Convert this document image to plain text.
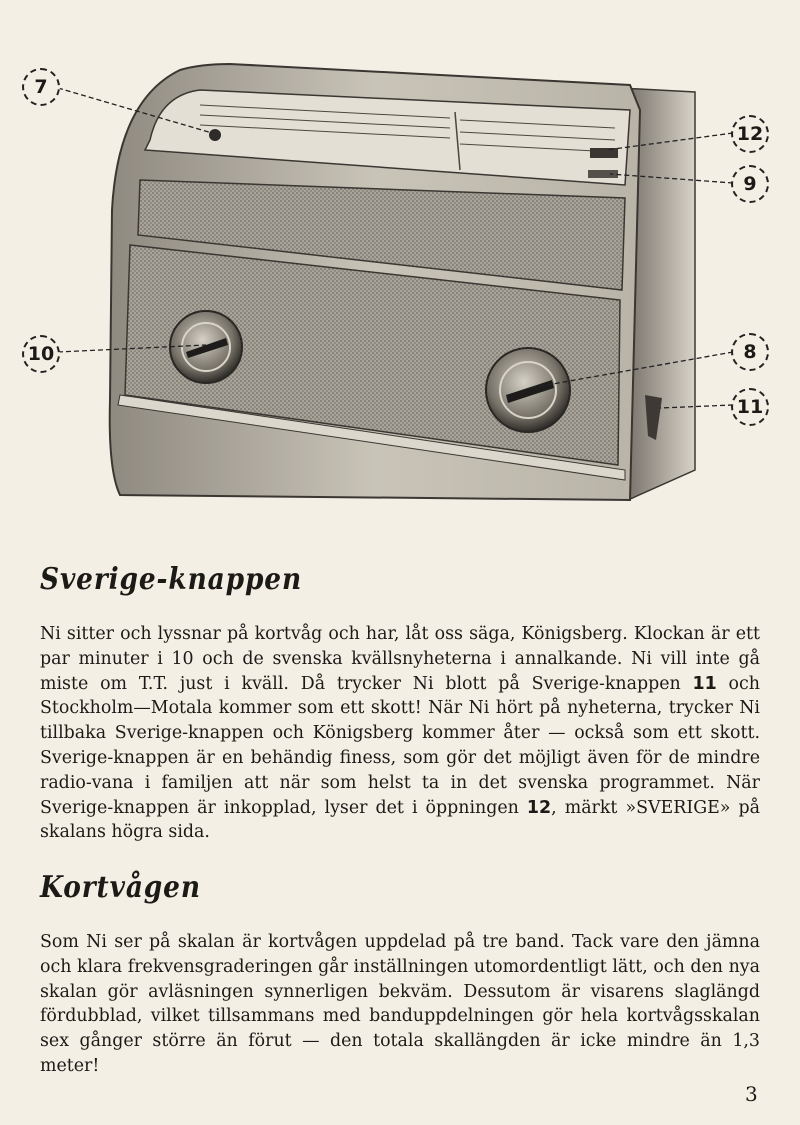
7
12
9
10	8
11
Sverige-knappen

Ni sitter och lyssnar på kortvåg och har, låt oss säga, Königsberg. Klockan är ett par minuter i 10 och de svenska kvällsnyheterna i annalkande. Ni vill inte gå miste om T.T. just i kväll. Då trycker Ni blott på Sverige-knappen 11 och Stockholm—Motala kommer som ett skott! När Ni hört på nyheterna, trycker Ni tillbaka Sverige-knappen och Königsberg kommer åter — också som ett skott. Sverige-knappen är en behändig finess, som gör det möjligt även för de mindre radio-vana i familjen att när som helst ta in det svenska programmet. När Sverige-knappen är inkopplad, lyser det i öppningen 12, märkt »SVERIGE» på skalans högra sida.

Kortvågen

Som Ni ser på skalan är kortvågen uppdelad på tre band. Tack vare den jämna och klara frekvensgraderingen går inställningen utomordentligt lätt, och den nya skalan gör avläsningen synnerligen bekväm. Dessutom är visarens slaglängd fördubblad, vilket tillsammans med banduppdelningen gör hela kortvågsskalan sex gånger större än förut — den totala skallängden är icke mindre än 1,3 meter!

3
